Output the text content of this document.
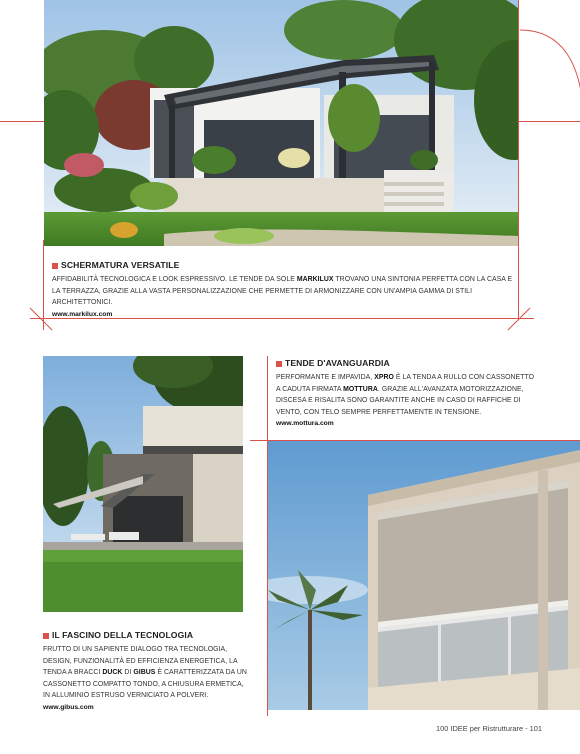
SCHERMATURA VERSATILE
AFFIDABILITÀ TECNOLOGICA E LOOK ESPRESSIVO. LE TENDE DA SOLE MARKILUX TROVANO UNA SINTONIA PERFETTA CON LA CASA E LA TERRAZZA, GRAZIE ALLA VASTA PERSONALIZZAZIONE CHE PERMETTE DI ARMONIZZARE CON UN'AMPIA GAMMA DI STILI ARCHITETTONICI.
www.markilux.com
TENDE D'AVANGUARDIA
PERFORMANTE E IMPAVIDA, XPRO È LA TENDA A RULLO CON CASSONETTO A CADUTA FIRMATA MOTTURA. GRAZIE ALL'AVANZATA MOTORIZZAZIONE, DISCESA E RISALITA SONO GARANTITE ANCHE IN CASO DI RAFFICHE DI VENTO, CON TELO SEMPRE PERFETTAMENTE IN TENSIONE.
www.mottura.com
IL FASCINO DELLA TECNOLOGIA
FRUTTO DI UN SAPIENTE DIALOGO TRA TECNOLOGIA, DESIGN, FUNZIONALITÀ ED EFFICIENZA ENERGETICA, LA TENDA A BRACCI DUCK DI GIBUS È CARATTERIZZATA DA UN CASSONETTO COMPATTO TONDO, A CHIUSURA ERMETICA, IN ALLUMINIO ESTRUSO VERNICIATO A POLVERI.
www.gibus.com
100 IDEE per Ristrutturare - 101
